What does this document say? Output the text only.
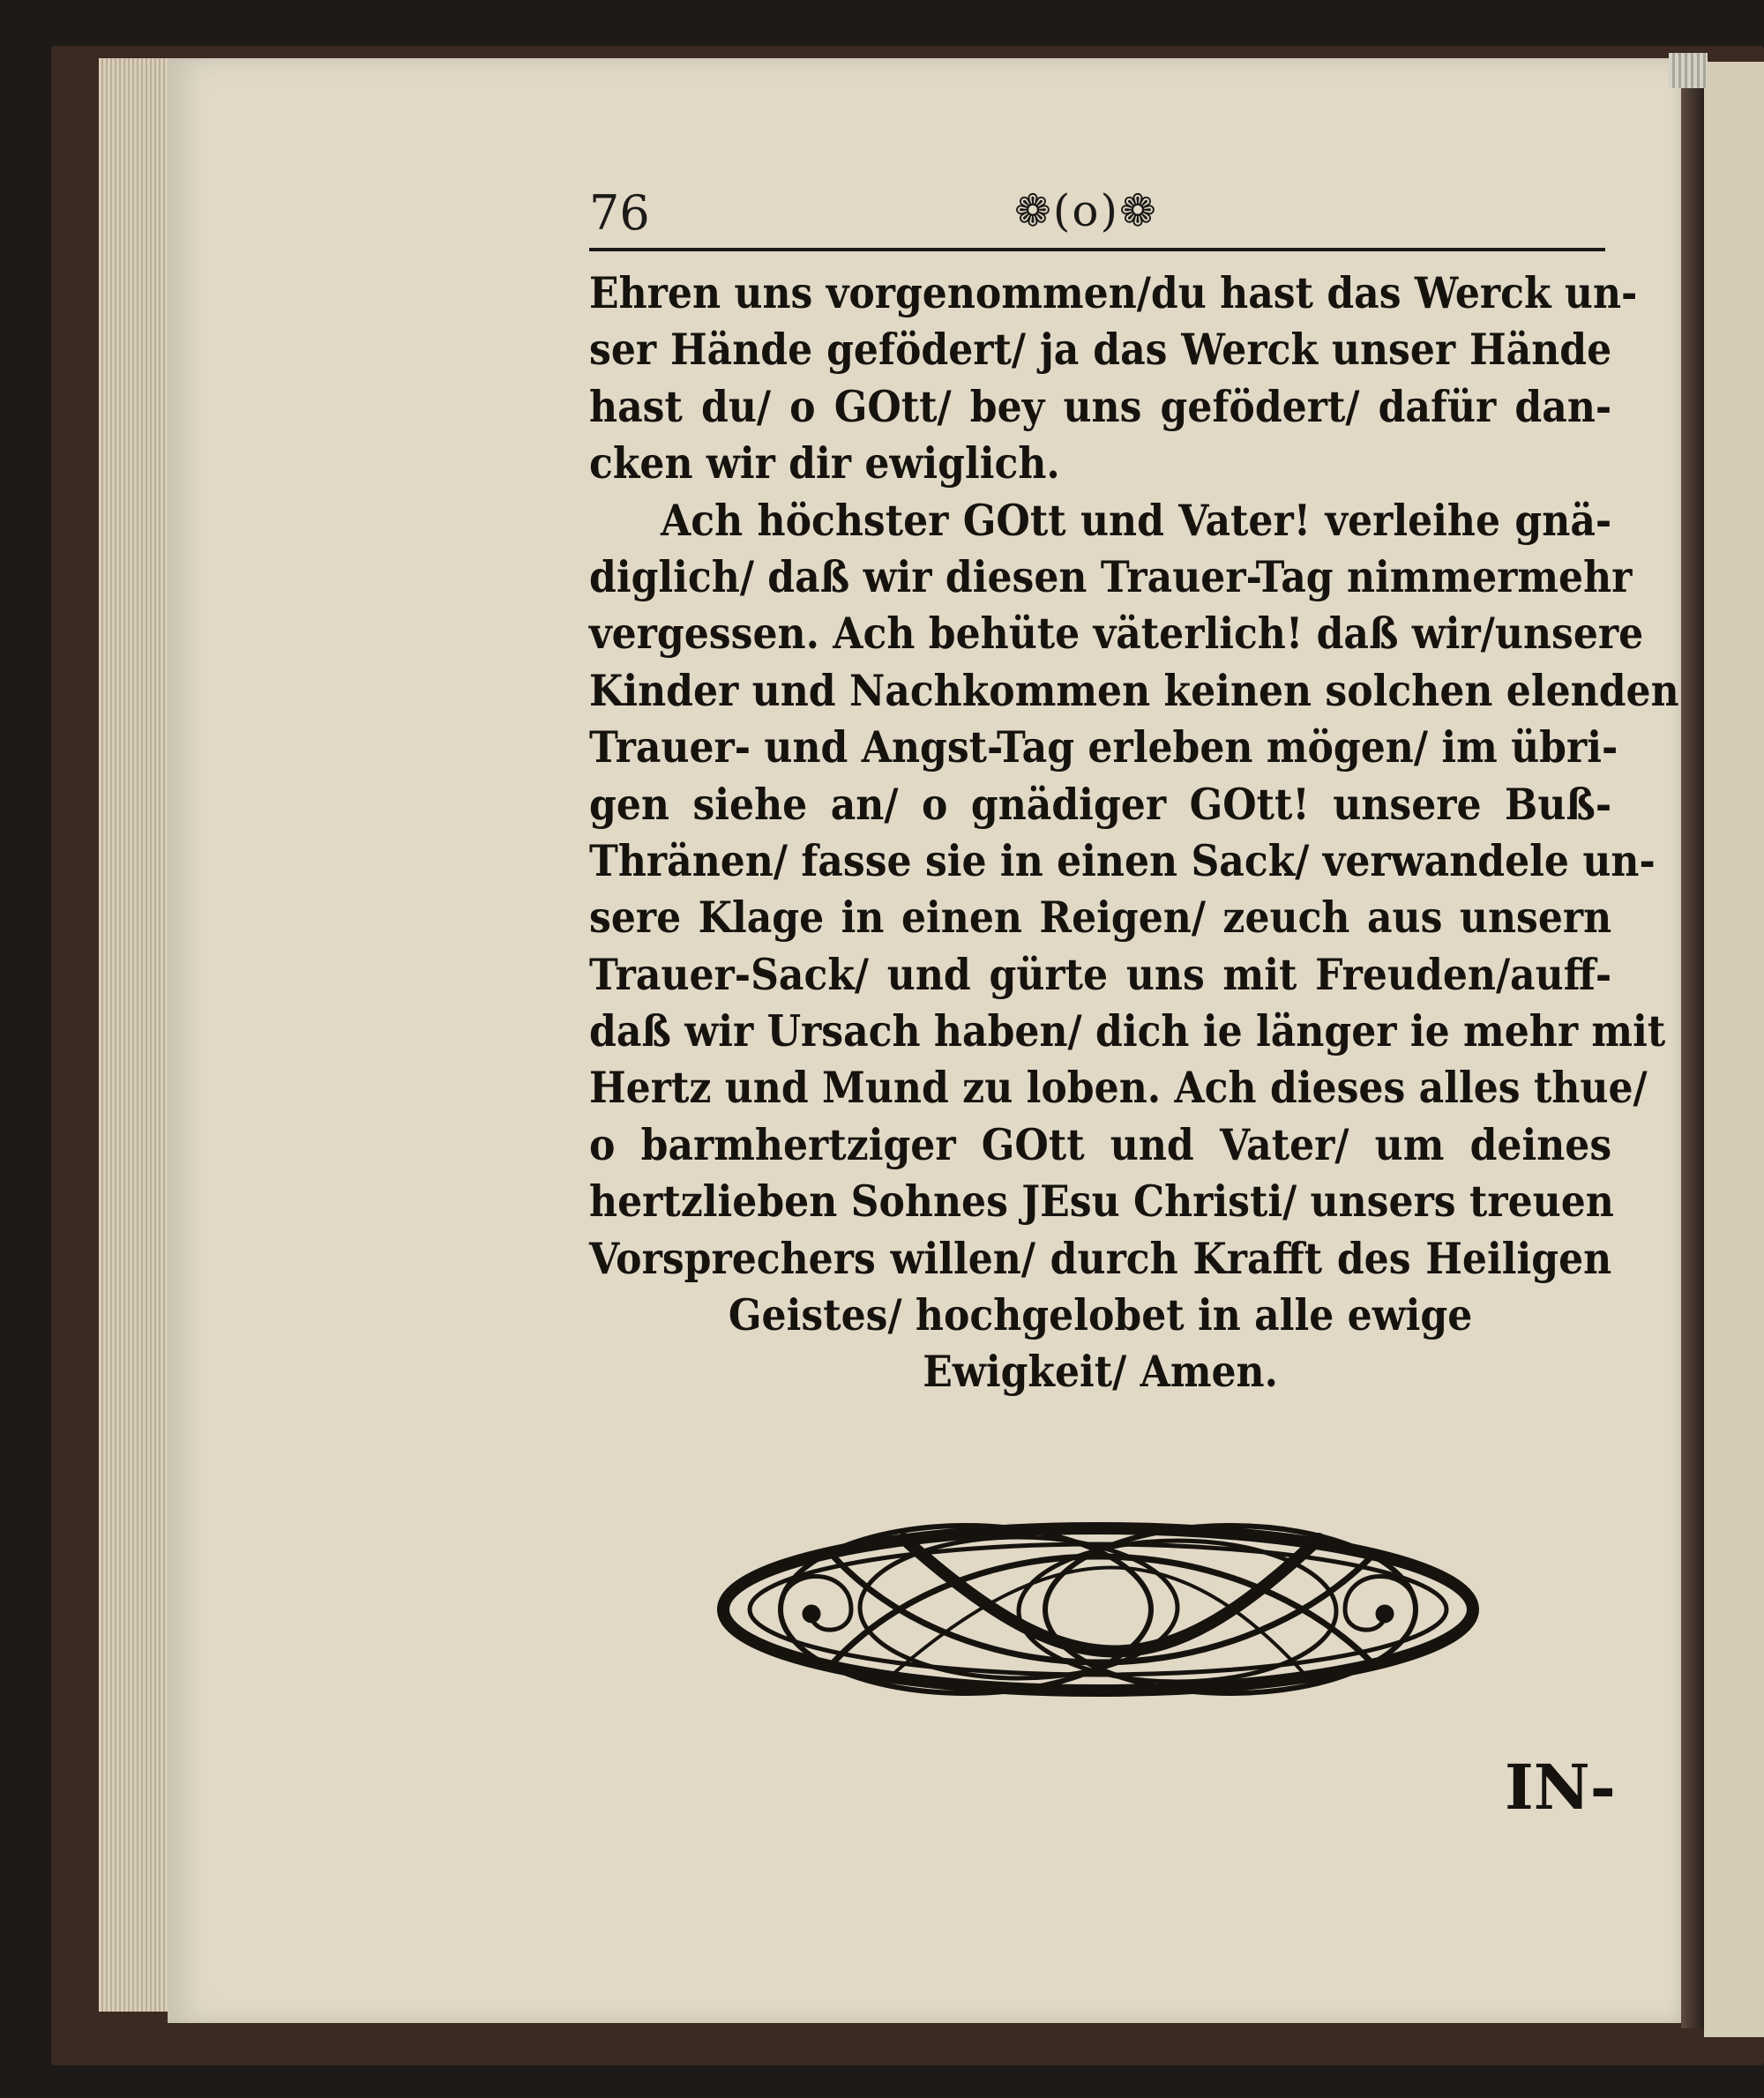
76	❁(o)❁
Ehren uns vorgenommen/du hast das Werck un-
ser Hände gefödert/ ja das Werck unser Hände
hast du/ o GOtt/ bey uns gefödert/ dafür dan-
cken wir dir ewiglich.
Ach höchster GOtt und Vater! verleihe gnä-
diglich/ daß wir diesen Trauer-Tag nimmermehr
vergessen. Ach behüte väterlich! daß wir/unsere
Kinder und Nachkommen keinen solchen elenden
Trauer- und Angst-Tag erleben mögen/ im übri-
gen siehe an/ o gnädiger GOtt! unsere Buß-
Thränen/ fasse sie in einen Sack/ verwandele un-
sere Klage in einen Reigen/ zeuch aus unsern
Trauer-Sack/ und gürte uns mit Freuden/auff-
daß wir Ursach haben/ dich ie länger ie mehr mit
Hertz und Mund zu loben. Ach dieses alles thue/
o barmhertziger GOtt und Vater/ um deines
hertzlieben Sohnes JEsu Christi/ unsers treuen
Vorsprechers willen/ durch Krafft des Heiligen
Geistes/ hochgelobet in alle ewige
Ewigkeit/ Amen.
IN-
